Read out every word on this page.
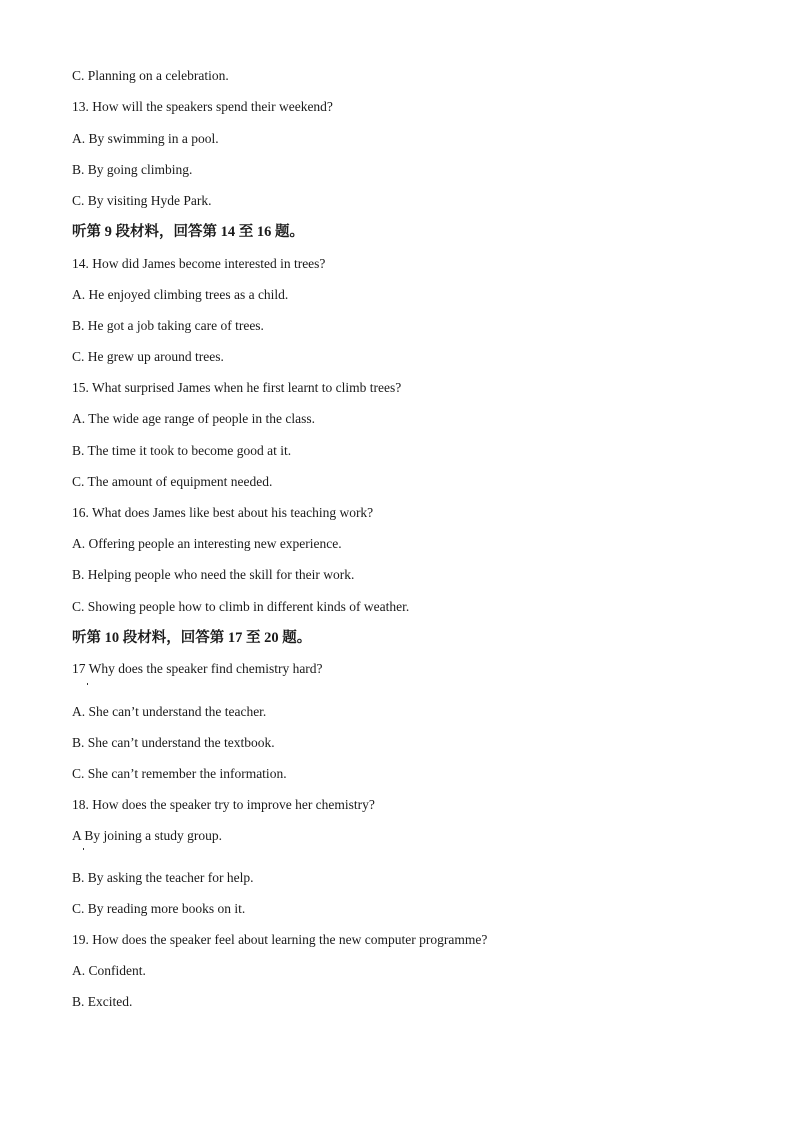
C. Planning on a celebration.
13. How will the speakers spend their weekend?
A. By swimming in a pool.
B. By going climbing.
C. By visiting Hyde Park.
听第 9 段材料，回答第 14 至 16 题。
14. How did James become interested in trees?
A. He enjoyed climbing trees as a child.
B. He got a job taking care of trees.
C. He grew up around trees.
15. What surprised James when he first learnt to climb trees?
A. The wide age range of people in the class.
B. The time it took to become good at it.
C. The amount of equipment needed.
16. What does James like best about his teaching work?
A. Offering people an interesting new experience.
B. Helping people who need the skill for their work.
C. Showing people how to climb in different kinds of weather.
听第 10 段材料，回答第 17 至 20 题。
17 Why does the speaker find chemistry hard?
A. She can’t understand the teacher.
B. She can’t understand the textbook.
C. She can’t remember the information.
18. How does the speaker try to improve her chemistry?
A By joining a study group.
B. By asking the teacher for help.
C. By reading more books on it.
19. How does the speaker feel about learning the new computer programme?
A. Confident.
B. Excited.
